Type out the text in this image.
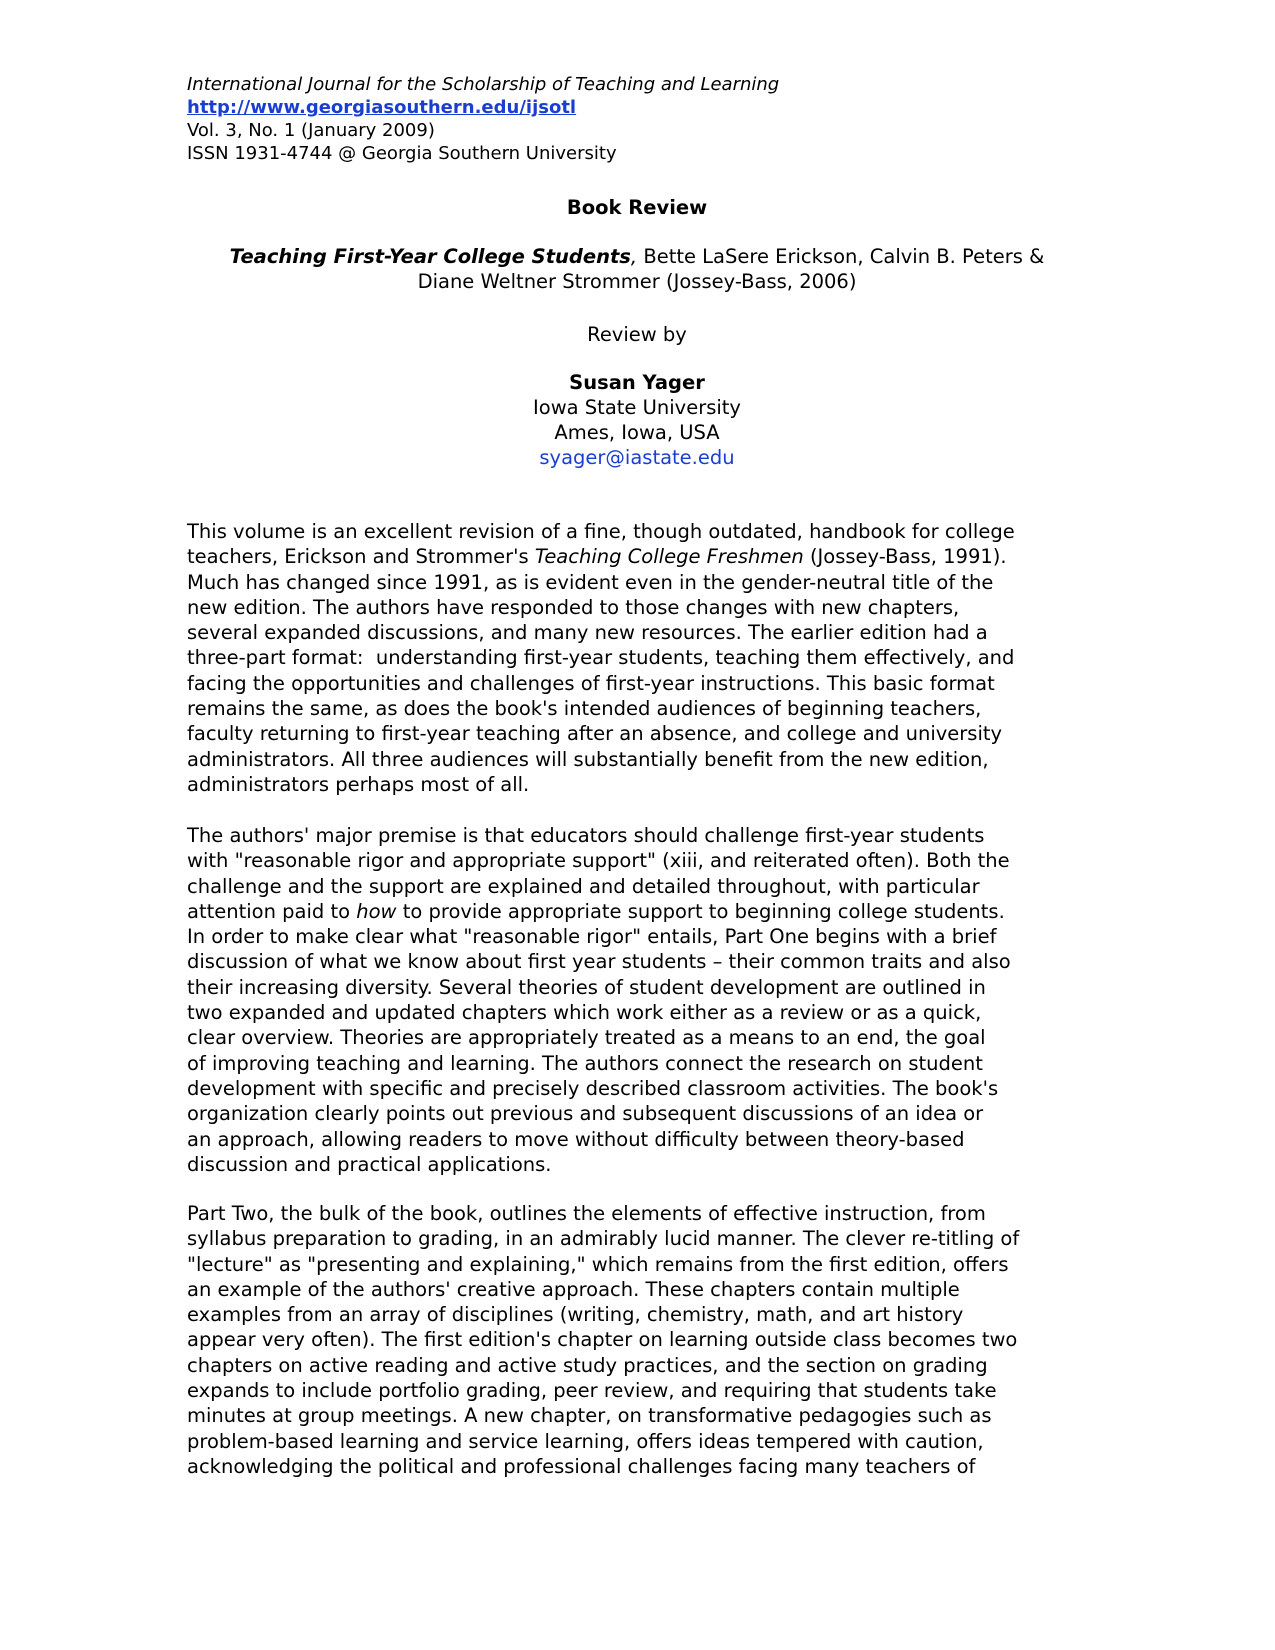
International Journal for the Scholarship of Teaching and Learning
http://www.georgiasouthern.edu/ijsotl
Vol. 3, No. 1 (January 2009)
ISSN 1931-4744 @ Georgia Southern University
Book Review
Teaching First-Year College Students, Bette LaSere Erickson, Calvin B. Peters &
Diane Weltner Strommer (Jossey-Bass, 2006)
Review by
Susan Yager
Iowa State University
Ames, Iowa, USA
syager@iastate.edu
This volume is an excellent revision of a fine, though outdated, handbook for college
teachers, Erickson and Strommer's Teaching College Freshmen (Jossey-Bass, 1991).
Much has changed since 1991, as is evident even in the gender-neutral title of the
new edition. The authors have responded to those changes with new chapters,
several expanded discussions, and many new resources. The earlier edition had a
three-part format:  understanding first-year students, teaching them effectively, and
facing the opportunities and challenges of first-year instructions. This basic format
remains the same, as does the book's intended audiences of beginning teachers,
faculty returning to first-year teaching after an absence, and college and university
administrators. All three audiences will substantially benefit from the new edition,
administrators perhaps most of all.
The authors' major premise is that educators should challenge first-year students
with "reasonable rigor and appropriate support" (xiii, and reiterated often). Both the
challenge and the support are explained and detailed throughout, with particular
attention paid to how to provide appropriate support to beginning college students.
In order to make clear what "reasonable rigor" entails, Part One begins with a brief
discussion of what we know about first year students – their common traits and also
their increasing diversity. Several theories of student development are outlined in
two expanded and updated chapters which work either as a review or as a quick,
clear overview. Theories are appropriately treated as a means to an end, the goal
of improving teaching and learning. The authors connect the research on student
development with specific and precisely described classroom activities. The book's
organization clearly points out previous and subsequent discussions of an idea or
an approach, allowing readers to move without difficulty between theory-based
discussion and practical applications.
Part Two, the bulk of the book, outlines the elements of effective instruction, from
syllabus preparation to grading, in an admirably lucid manner. The clever re-titling of
"lecture" as "presenting and explaining," which remains from the first edition, offers
an example of the authors' creative approach. These chapters contain multiple
examples from an array of disciplines (writing, chemistry, math, and art history
appear very often). The first edition's chapter on learning outside class becomes two
chapters on active reading and active study practices, and the section on grading
expands to include portfolio grading, peer review, and requiring that students take
minutes at group meetings. A new chapter, on transformative pedagogies such as
problem-based learning and service learning, offers ideas tempered with caution,
acknowledging the political and professional challenges facing many teachers of
